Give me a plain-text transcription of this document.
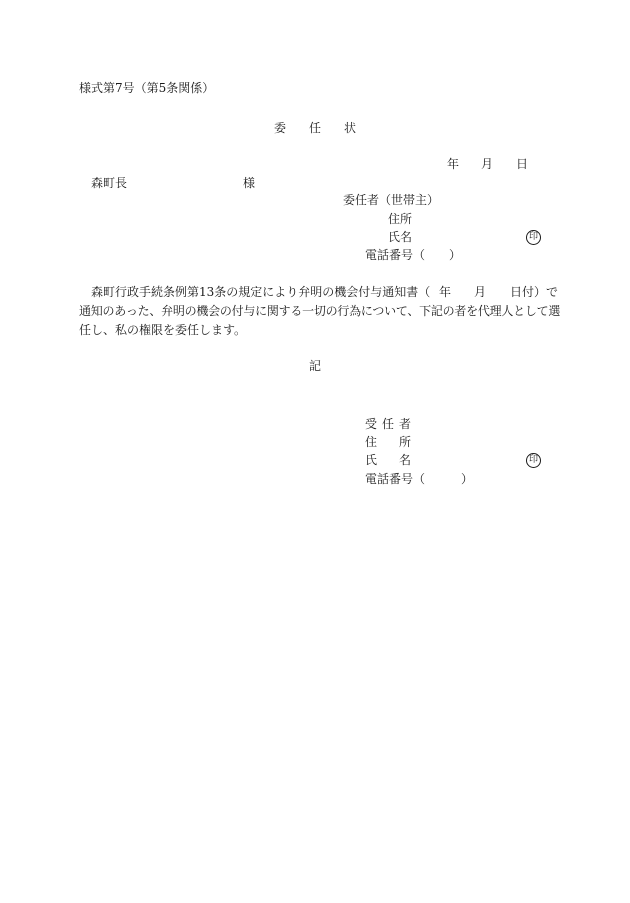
様式第7号（第5条関係）
委 任 状
年 月 日
森町長	様
委任者（世帯主）
住所
氏名	印
電話番号（　　）
森町行政手続条例第13条の規定により弁明の機会付与通知書（ 年 月 日付）で
通知のあった、弁明の機会の付与に関する一切の行為について、下記の者を代理人として選
任し、私の権限を委任します。
記
受 任 者
住 所
氏 名	印
電話番号（　　　）
